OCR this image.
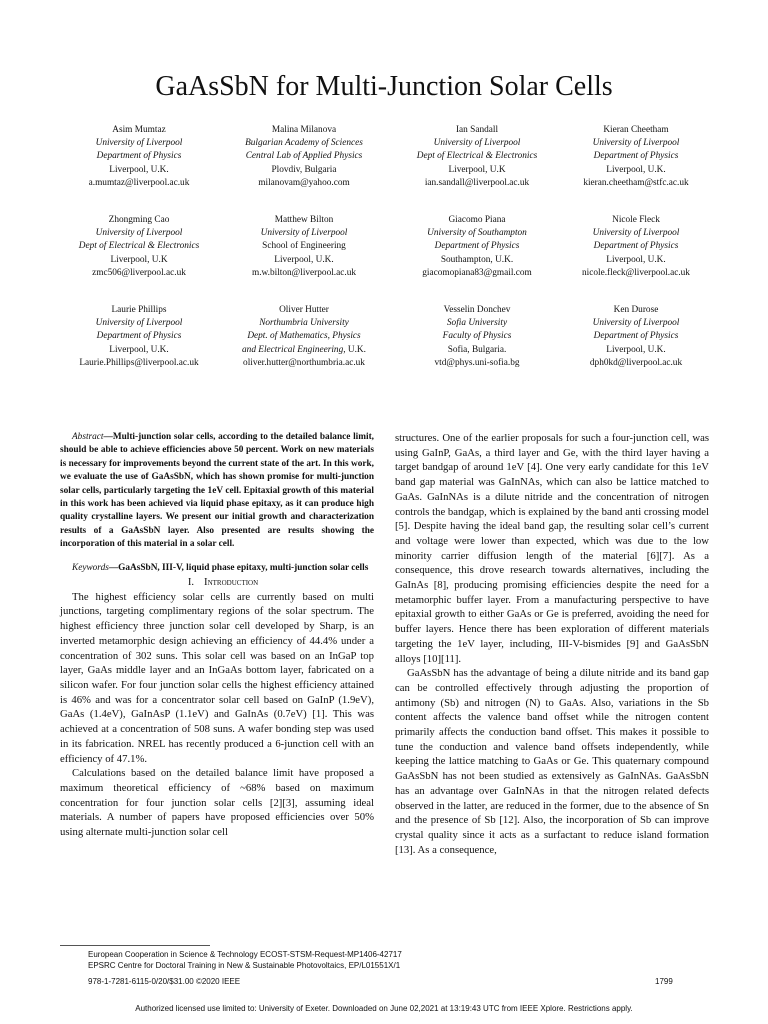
GaAsSbN for Multi-Junction Solar Cells
Asim Mumtaz
University of Liverpool
Department of Physics
Liverpool, U.K.
a.mumtaz@liverpool.ac.uk
Malina Milanova
Bulgarian Academy of Sciences
Central Lab of Applied Physics
Plovdiv, Bulgaria
milanovam@yahoo.com
Ian Sandall
University of Liverpool
Dept of Electrical & Electronics
Liverpool, U.K
ian.sandall@liverpool.ac.uk
Kieran Cheetham
University of Liverpool
Department of Physics
Liverpool, U.K.
kieran.cheetham@stfc.ac.uk
Zhongming Cao
University of Liverpool
Dept of Electrical & Electronics
Liverpool, U.K
zmc506@liverpool.ac.uk
Matthew Bilton
University of Liverpool
School of Engineering
Liverpool, U.K.
m.w.bilton@liverpool.ac.uk
Giacomo Piana
University of Southampton
Department of Physics
Southampton, U.K.
giacomopiana83@gmail.com
Nicole Fleck
University of Liverpool
Department of Physics
Liverpool, U.K.
nicole.fleck@liverpool.ac.uk
Laurie Phillips
University of Liverpool
Department of Physics
Liverpool, U.K.
Laurie.Phillips@liverpool.ac.uk
Oliver Hutter
Northumbria University
Dept. of Mathematics, Physics
and Electrical Engineering, U.K.
oliver.hutter@northumbria.ac.uk
Vesselin Donchev
Sofia University
Faculty of Physics
Sofia, Bulgaria.
vtd@phys.uni-sofia.bg
Ken Durose
University of Liverpool
Department of Physics
Liverpool, U.K.
dph0kd@liverpool.ac.uk

Abstract—Multi-junction solar cells, according to the detailed balance limit, should be able to achieve efficiencies above 50 percent. Work on new materials is necessary for improvements beyond the current state of the art. In this work, we evaluate the use of GaAsSbN, which has shown promise for multi-junction solar cells, particularly targeting the 1eV cell. Epitaxial growth of this material in this work has been achieved via liquid phase epitaxy, as it can produce high quality crystalline layers. We present our initial growth and characterization results of a GaAsSbN layer. Also presented are results showing the incorporation of this material in a solar cell.

Keywords—GaAsSbN, III-V, liquid phase epitaxy, multi-junction solar cells

I. Introduction

The highest efficiency solar cells are currently based on multi junctions, targeting complimentary regions of the solar spectrum. The highest efficiency three junction solar cell developed by Sharp, is an inverted metamorphic design achieving an efficiency of 44.4% under a concentration of 302 suns. This solar cell was based on an InGaP top layer, GaAs middle layer and an InGaAs bottom layer, fabricated on a silicon wafer. For four junction solar cells the highest efficiency attained is 46% and was for a concentrator solar cell based on GaInP (1.9eV), GaAs (1.4eV), GaInAsP (1.1eV) and GaInAs (0.7eV) [1]. This was achieved at a concentration of 508 suns. A wafer bonding step was used in its fabrication. NREL has recently produced a 6-junction cell with an efficiency of 47.1%.

Calculations based on the detailed balance limit have proposed a maximum theoretical efficiency of ~68% based on maximum concentration for four junction solar cells [2][3], assuming ideal materials. A number of papers have proposed efficiencies over 50% using alternate multi-junction solar cell

structures. One of the earlier proposals for such a four-junction cell, was using GaInP, GaAs, a third layer and Ge, with the third layer having a target bandgap of around 1eV [4]. One very early candidate for this 1eV band gap material was GaInNAs, which can also be lattice matched to GaAs. GaInNAs is a dilute nitride and the concentration of nitrogen controls the bandgap, which is explained by the band anti crossing model [5]. Despite having the ideal band gap, the resulting solar cell’s current and voltage were lower than expected, which was due to the low minority carrier diffusion length of the material [6][7]. As a consequence, this drove research towards alternatives, including the GaInAs [8], producing promising efficiencies despite the need for a metamorphic buffer layer. From a manufacturing perspective to have epitaxial growth to either GaAs or Ge is preferred, avoiding the need for buffer layers. Hence there has been exploration of different materials targeting the 1eV layer, including, III-V-bismides [9] and GaAsSbN alloys [10][11].

GaAsSbN has the advantage of being a dilute nitride and its band gap can be controlled effectively through adjusting the proportion of antimony (Sb) and nitrogen (N) to GaAs. Also, variations in the Sb content affects the valence band offset while the nitrogen content primarily affects the conduction band offset. This makes it possible to tune the conduction and valence band offsets independently, while keeping the lattice matching to GaAs or Ge. This quaternary compound GaAsSbN has not been studied as extensively as GaInNAs. GaAsSbN has an advantage over GaInNAs in that the nitrogen related defects observed in the latter, are reduced in the former, due to the absence of Sn and the presence of Sb [12]. Also, the incorporation of Sb can improve crystal quality since it acts as a surfactant to reduce island formation [13]. As a consequence,

European Cooperation in Science & Technology ECOST-STSM-Request-MP1406-42717
EPSRC Centre for Doctoral Training in New & Sustainable Photovoltaics, EP/L01551X/1
978-1-7281-6115-0/20/$31.00 ©2020 IEEE	1799
Authorized licensed use limited to: University of Exeter. Downloaded on June 02,2021 at 13:19:43 UTC from IEEE Xplore. Restrictions apply.
